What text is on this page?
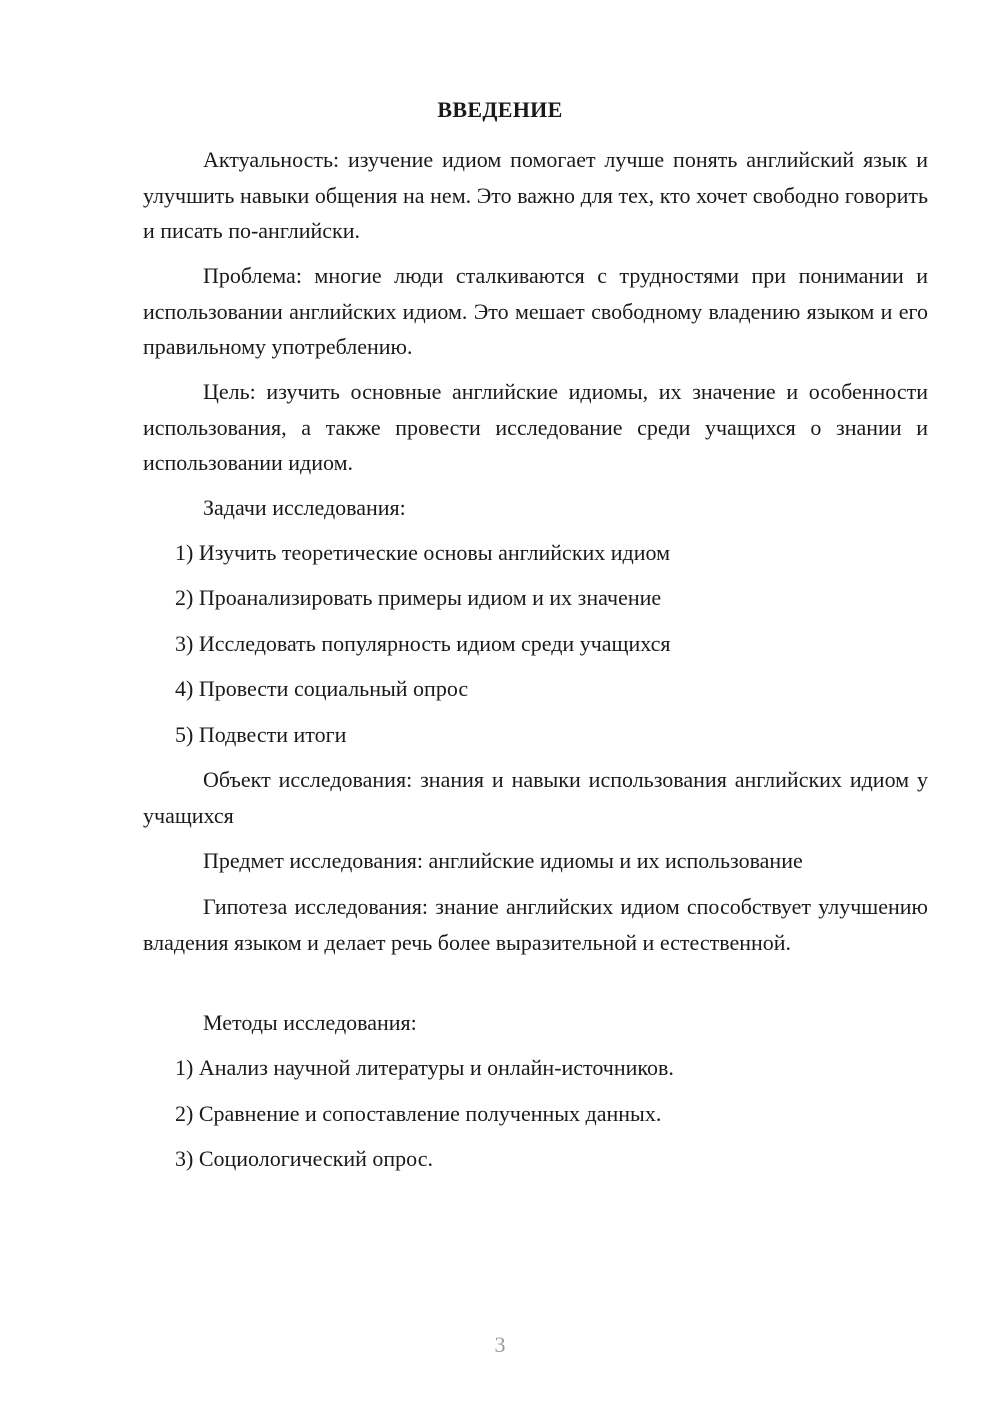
ВВЕДЕНИЕ
Актуальность: изучение идиом помогает лучше понять английский язык и улучшить навыки общения на нем. Это важно для тех, кто хочет свободно говорить и писать по-английски.
Проблема: многие люди сталкиваются с трудностями при понимании и использовании английских идиом. Это мешает свободному владению языком и его правильному употреблению.
Цель: изучить основные английские идиомы, их значение и особенности использования, а также провести исследование среди учащихся о знании и использовании идиом.
Задачи исследования:
1) Изучить теоретические основы английских идиом
2) Проанализировать примеры идиом и их значение
3) Исследовать популярность идиом среди учащихся
4) Провести социальный опрос
5) Подвести итоги
Объект исследования: знания и навыки использования английских идиом у учащихся
Предмет исследования: английские идиомы и их использование
Гипотеза исследования: знание английских идиом способствует улучшению владения языком и делает речь более выразительной и естественной.
Методы исследования:
1) Анализ научной литературы и онлайн-источников.
2) Сравнение и сопоставление полученных данных.
3) Социологический опрос.
3
